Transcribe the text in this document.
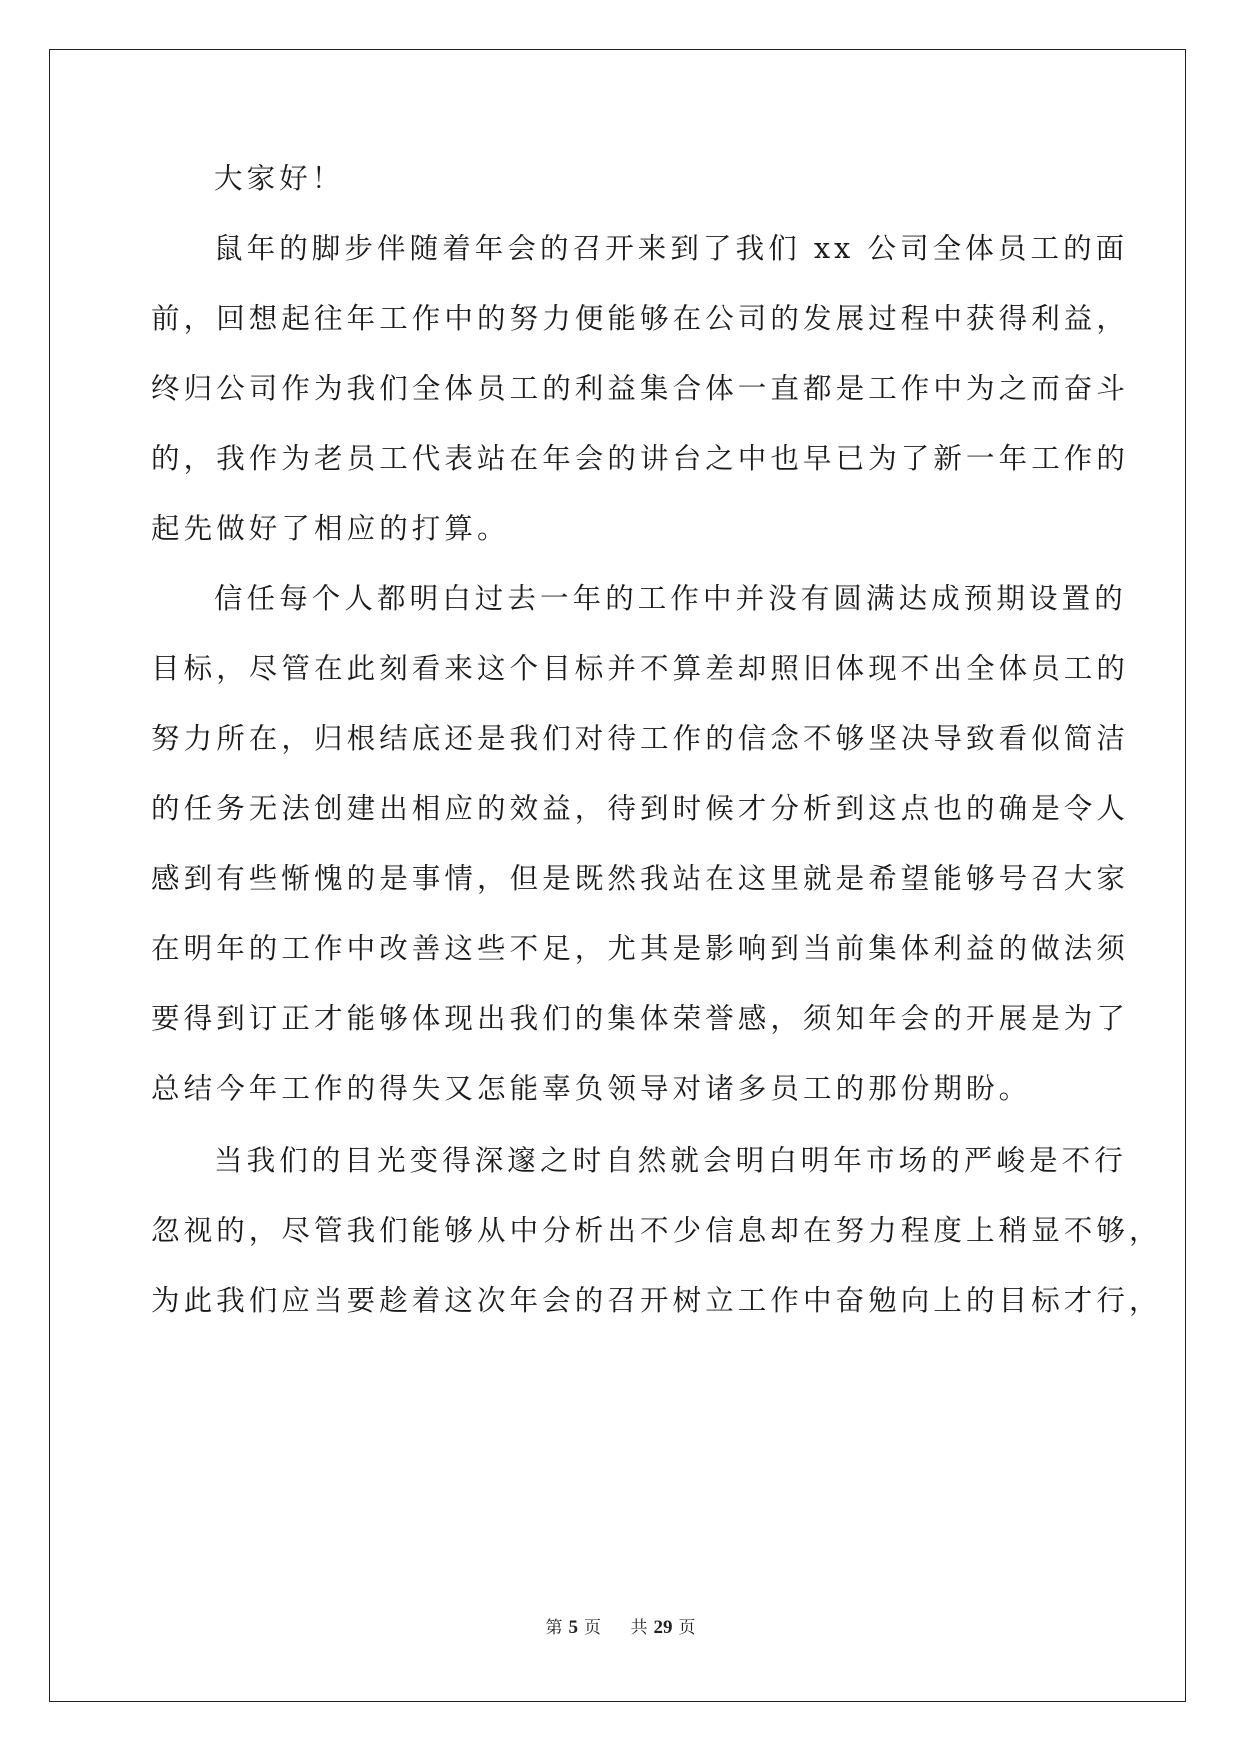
大家好！
鼠年的脚步伴随着年会的召开来到了我们 xx 公司全体员工的面
前，回想起往年工作中的努力便能够在公司的发展过程中获得利益，
终归公司作为我们全体员工的利益集合体一直都是工作中为之而奋斗
的，我作为老员工代表站在年会的讲台之中也早已为了新一年工作的
起先做好了相应的打算。
信任每个人都明白过去一年的工作中并没有圆满达成预期设置的
目标，尽管在此刻看来这个目标并不算差却照旧体现不出全体员工的
努力所在，归根结底还是我们对待工作的信念不够坚决导致看似简洁
的任务无法创建出相应的效益，待到时候才分析到这点也的确是令人
感到有些惭愧的是事情，但是既然我站在这里就是希望能够号召大家
在明年的工作中改善这些不足，尤其是影响到当前集体利益的做法须
要得到订正才能够体现出我们的集体荣誉感，须知年会的开展是为了
总结今年工作的得失又怎能辜负领导对诸多员工的那份期盼。
当我们的目光变得深邃之时自然就会明白明年市场的严峻是不行
忽视的，尽管我们能够从中分析出不少信息却在努力程度上稍显不够，
为此我们应当要趁着这次年会的召开树立工作中奋勉向上的目标才行，
第 5 页 共 29 页
